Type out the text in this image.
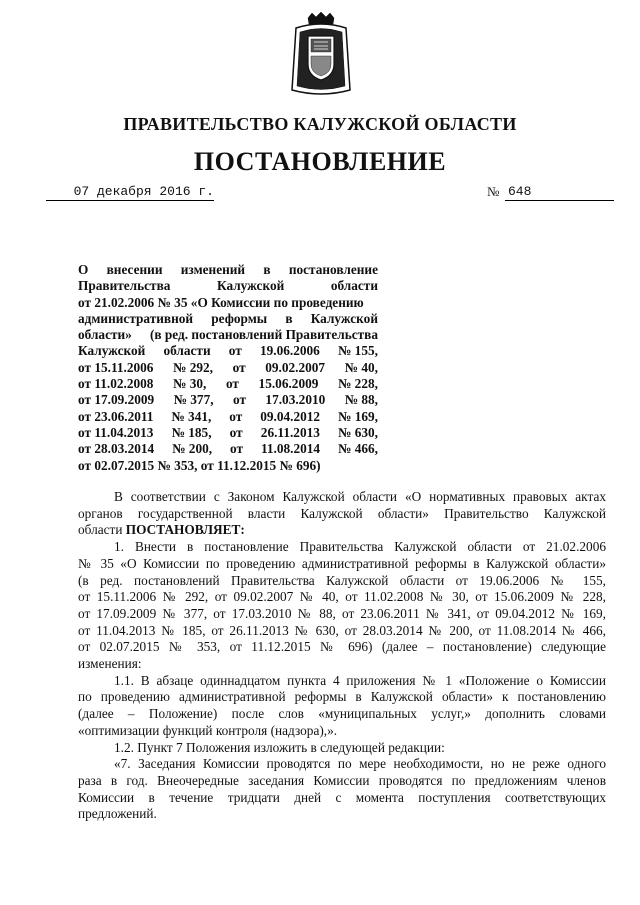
ПРАВИТЕЛЬСТВО КАЛУЖСКОЙ ОБЛАСТИ
ПОСТАНОВЛЕНИЕ
07 декабря 2016 г.	№ 648
О внесении изменений в постановление
Правительства	Калужской	области
от 21.02.2006 № 35 «О Комиссии по проведению
административной реформы в Калужской
области» (в ред. постановлений Правительства
Калужской области от 19.06.2006 № 155,
от 15.11.2006 № 292, от 09.02.2007 № 40,
от 11.02.2008 № 30, от 15.06.2009 № 228,
от 17.09.2009 № 377, от 17.03.2010 № 88,
от 23.06.2011 № 341, от 09.04.2012 № 169,
от 11.04.2013 № 185, от 26.11.2013 № 630,
от 28.03.2014 № 200, от 11.08.2014 № 466,
от 02.07.2015 № 353, от 11.12.2015 № 696)
В соответствии с Законом Калужской области «О нормативных правовых актах
органов государственной власти Калужской области» Правительство Калужской
области ПОСТАНОВЛЯЕТ:
1. Внести в постановление Правительства Калужской области от 21.02.2006
№ 35 «О Комиссии по проведению административной реформы в Калужской области»
(в ред. постановлений Правительства Калужской области от 19.06.2006 № 155,
от 15.11.2006 № 292, от 09.02.2007 № 40, от 11.02.2008 № 30, от 15.06.2009 № 228,
от 17.09.2009 № 377, от 17.03.2010 № 88, от 23.06.2011 № 341, от 09.04.2012 № 169,
от 11.04.2013 № 185, от 26.11.2013 № 630, от 28.03.2014 № 200, от 11.08.2014 № 466,
от 02.07.2015 № 353, от 11.12.2015 № 696) (далее – постановление) следующие
изменения:
1.1. В абзаце одиннадцатом пункта 4 приложения № 1 «Положение о Комиссии
по проведению административной реформы в Калужской области» к постановлению
(далее – Положение) после слов «муниципальных услуг,» дополнить словами
«оптимизации функций контроля (надзора),».
1.2. Пункт 7 Положения изложить в следующей редакции:
«7. Заседания Комиссии проводятся по мере необходимости, но не реже одного
раза в год. Внеочередные заседания Комиссии проводятся по предложениям членов
Комиссии в течение тридцати дней с момента поступления соответствующих
предложений.
